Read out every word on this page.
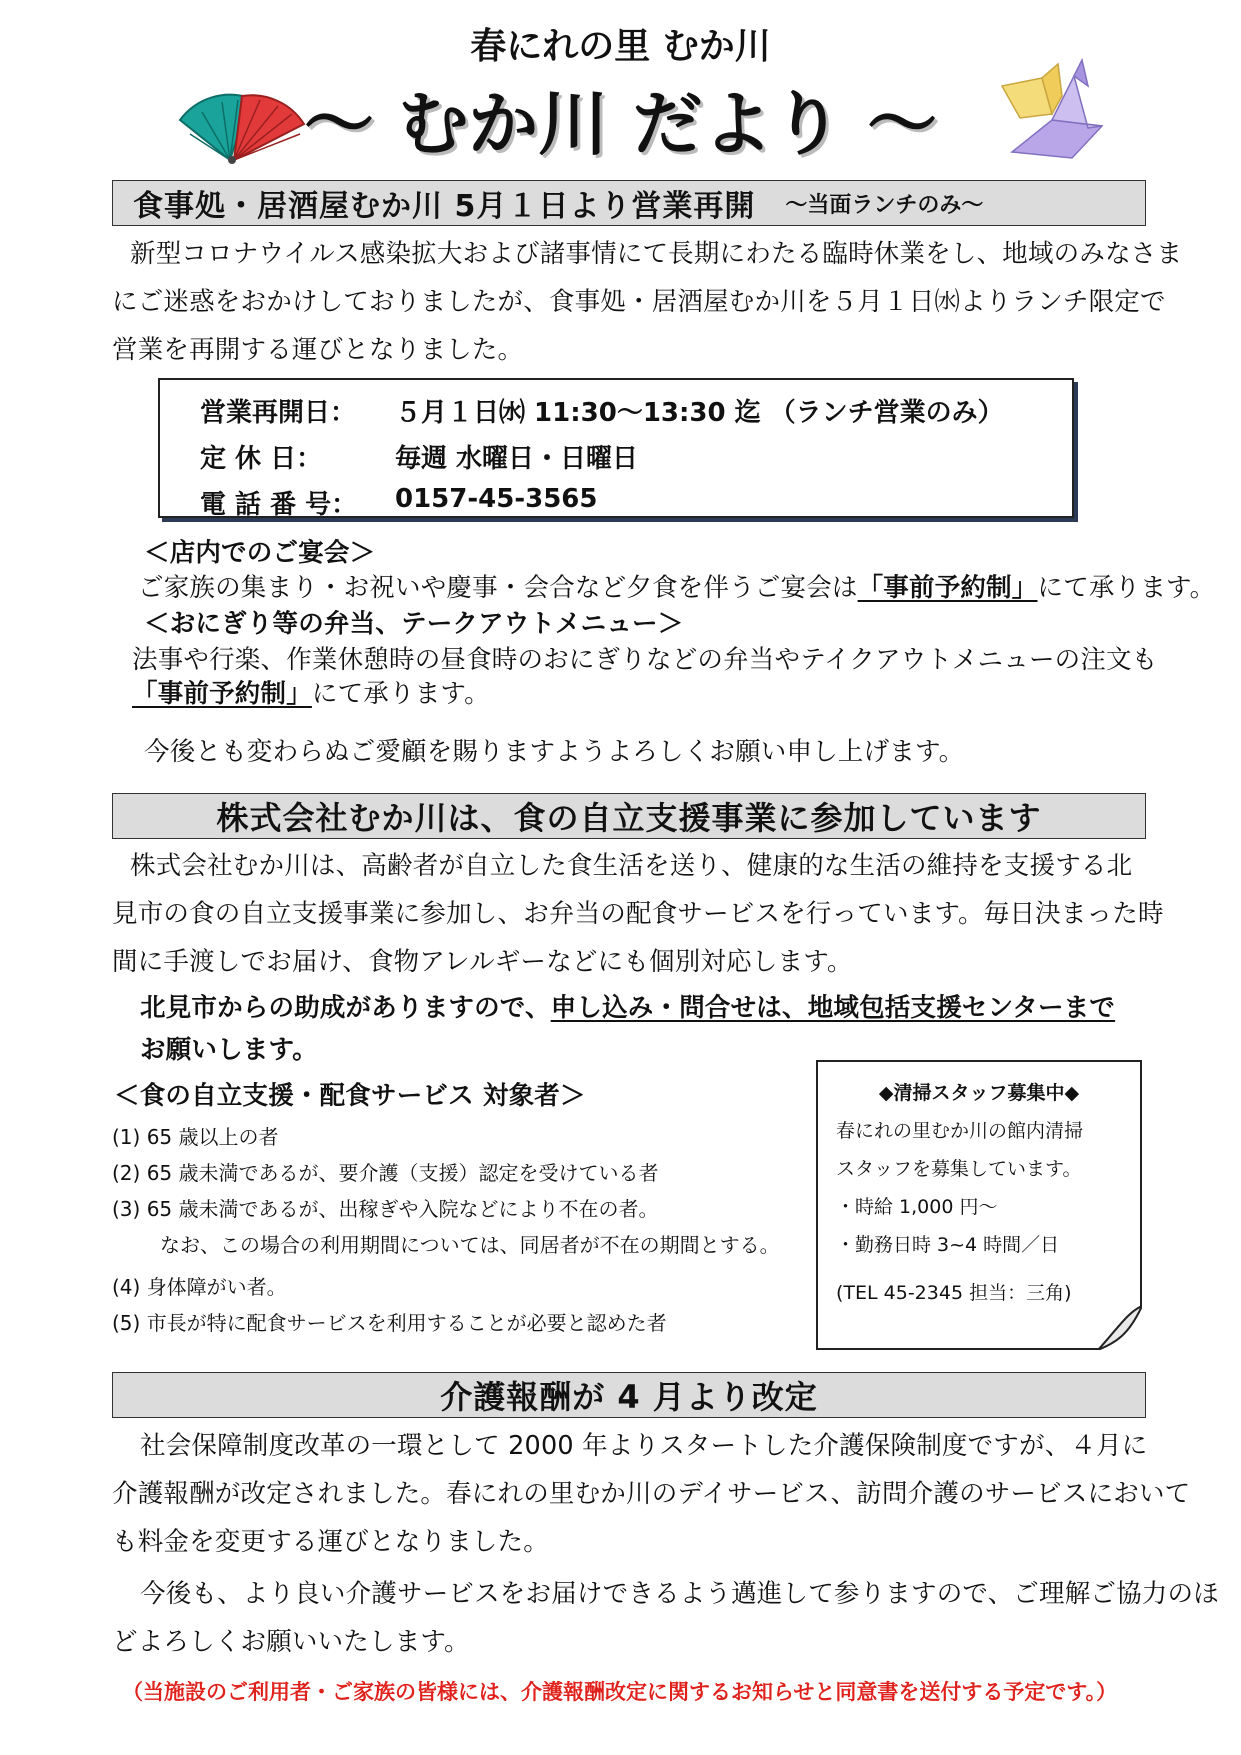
春にれの里 むか川
～ むか川 だより ～
食事処・居酒屋むか川 5月１日より営業再開 ～当面ランチのみ～
新型コロナウイルス感染拡大および諸事情にて長期にわたる臨時休業をし、地域のみなさま
にご迷惑をおかけしておりましたが、食事処・居酒屋むか川を５月１日㈬よりランチ限定で
営業を再開する運びとなりました。
営業再開日： ５月１日㈬ 11:30～13:30 迄 （ランチ営業のみ）
定 休 日：	毎週 水曜日・日曜日
電 話 番 号： 0157-45-3565
＜店内でのご宴会＞
ご家族の集まり・お祝いや慶事・会合など夕食を伴うご宴会は「事前予約制」にて承ります。
＜おにぎり等の弁当、テークアウトメニュー＞
法事や行楽、作業休憩時の昼食時のおにぎりなどの弁当やテイクアウトメニューの注文も
「事前予約制」にて承ります。
今後とも変わらぬご愛顧を賜りますようよろしくお願い申し上げます。
株式会社むか川は、食の自立支援事業に参加しています
株式会社むか川は、高齢者が自立した食生活を送り、健康的な生活の維持を支援する北
見市の食の自立支援事業に参加し、お弁当の配食サービスを行っています。毎日決まった時
間に手渡しでお届け、食物アレルギーなどにも個別対応します。
北見市からの助成がありますので、申し込み・問合せは、地域包括支援センターまで
お願いします。
＜食の自立支援・配食サービス 対象者＞
(1) 65 歳以上の者
(2) 65 歳未満であるが、要介護（支援）認定を受けている者
(3) 65 歳未満であるが、出稼ぎや入院などにより不在の者。
なお、この場合の利用期間については、同居者が不在の期間とする。
(4) 身体障がい者。
(5) 市長が特に配食サービスを利用することが必要と認めた者
◆清掃スタッフ募集中◆
春にれの里むか川の館内清掃
スタッフを募集しています。
・時給 1,000 円～
・勤務日時 3~4 時間／日
(TEL 45-2345 担当：三角)
介護報酬が 4 月より改定
社会保障制度改革の一環として 2000 年よりスタートした介護保険制度ですが、４月に
介護報酬が改定されました。春にれの里むか川のデイサービス、訪問介護のサービスにおいて
も料金を変更する運びとなりました。
今後も、より良い介護サービスをお届けできるよう邁進して参りますので、ご理解ご協力のほ
どよろしくお願いいたします。
（当施設のご利用者・ご家族の皆様には、介護報酬改定に関するお知らせと同意書を送付する予定です。）
